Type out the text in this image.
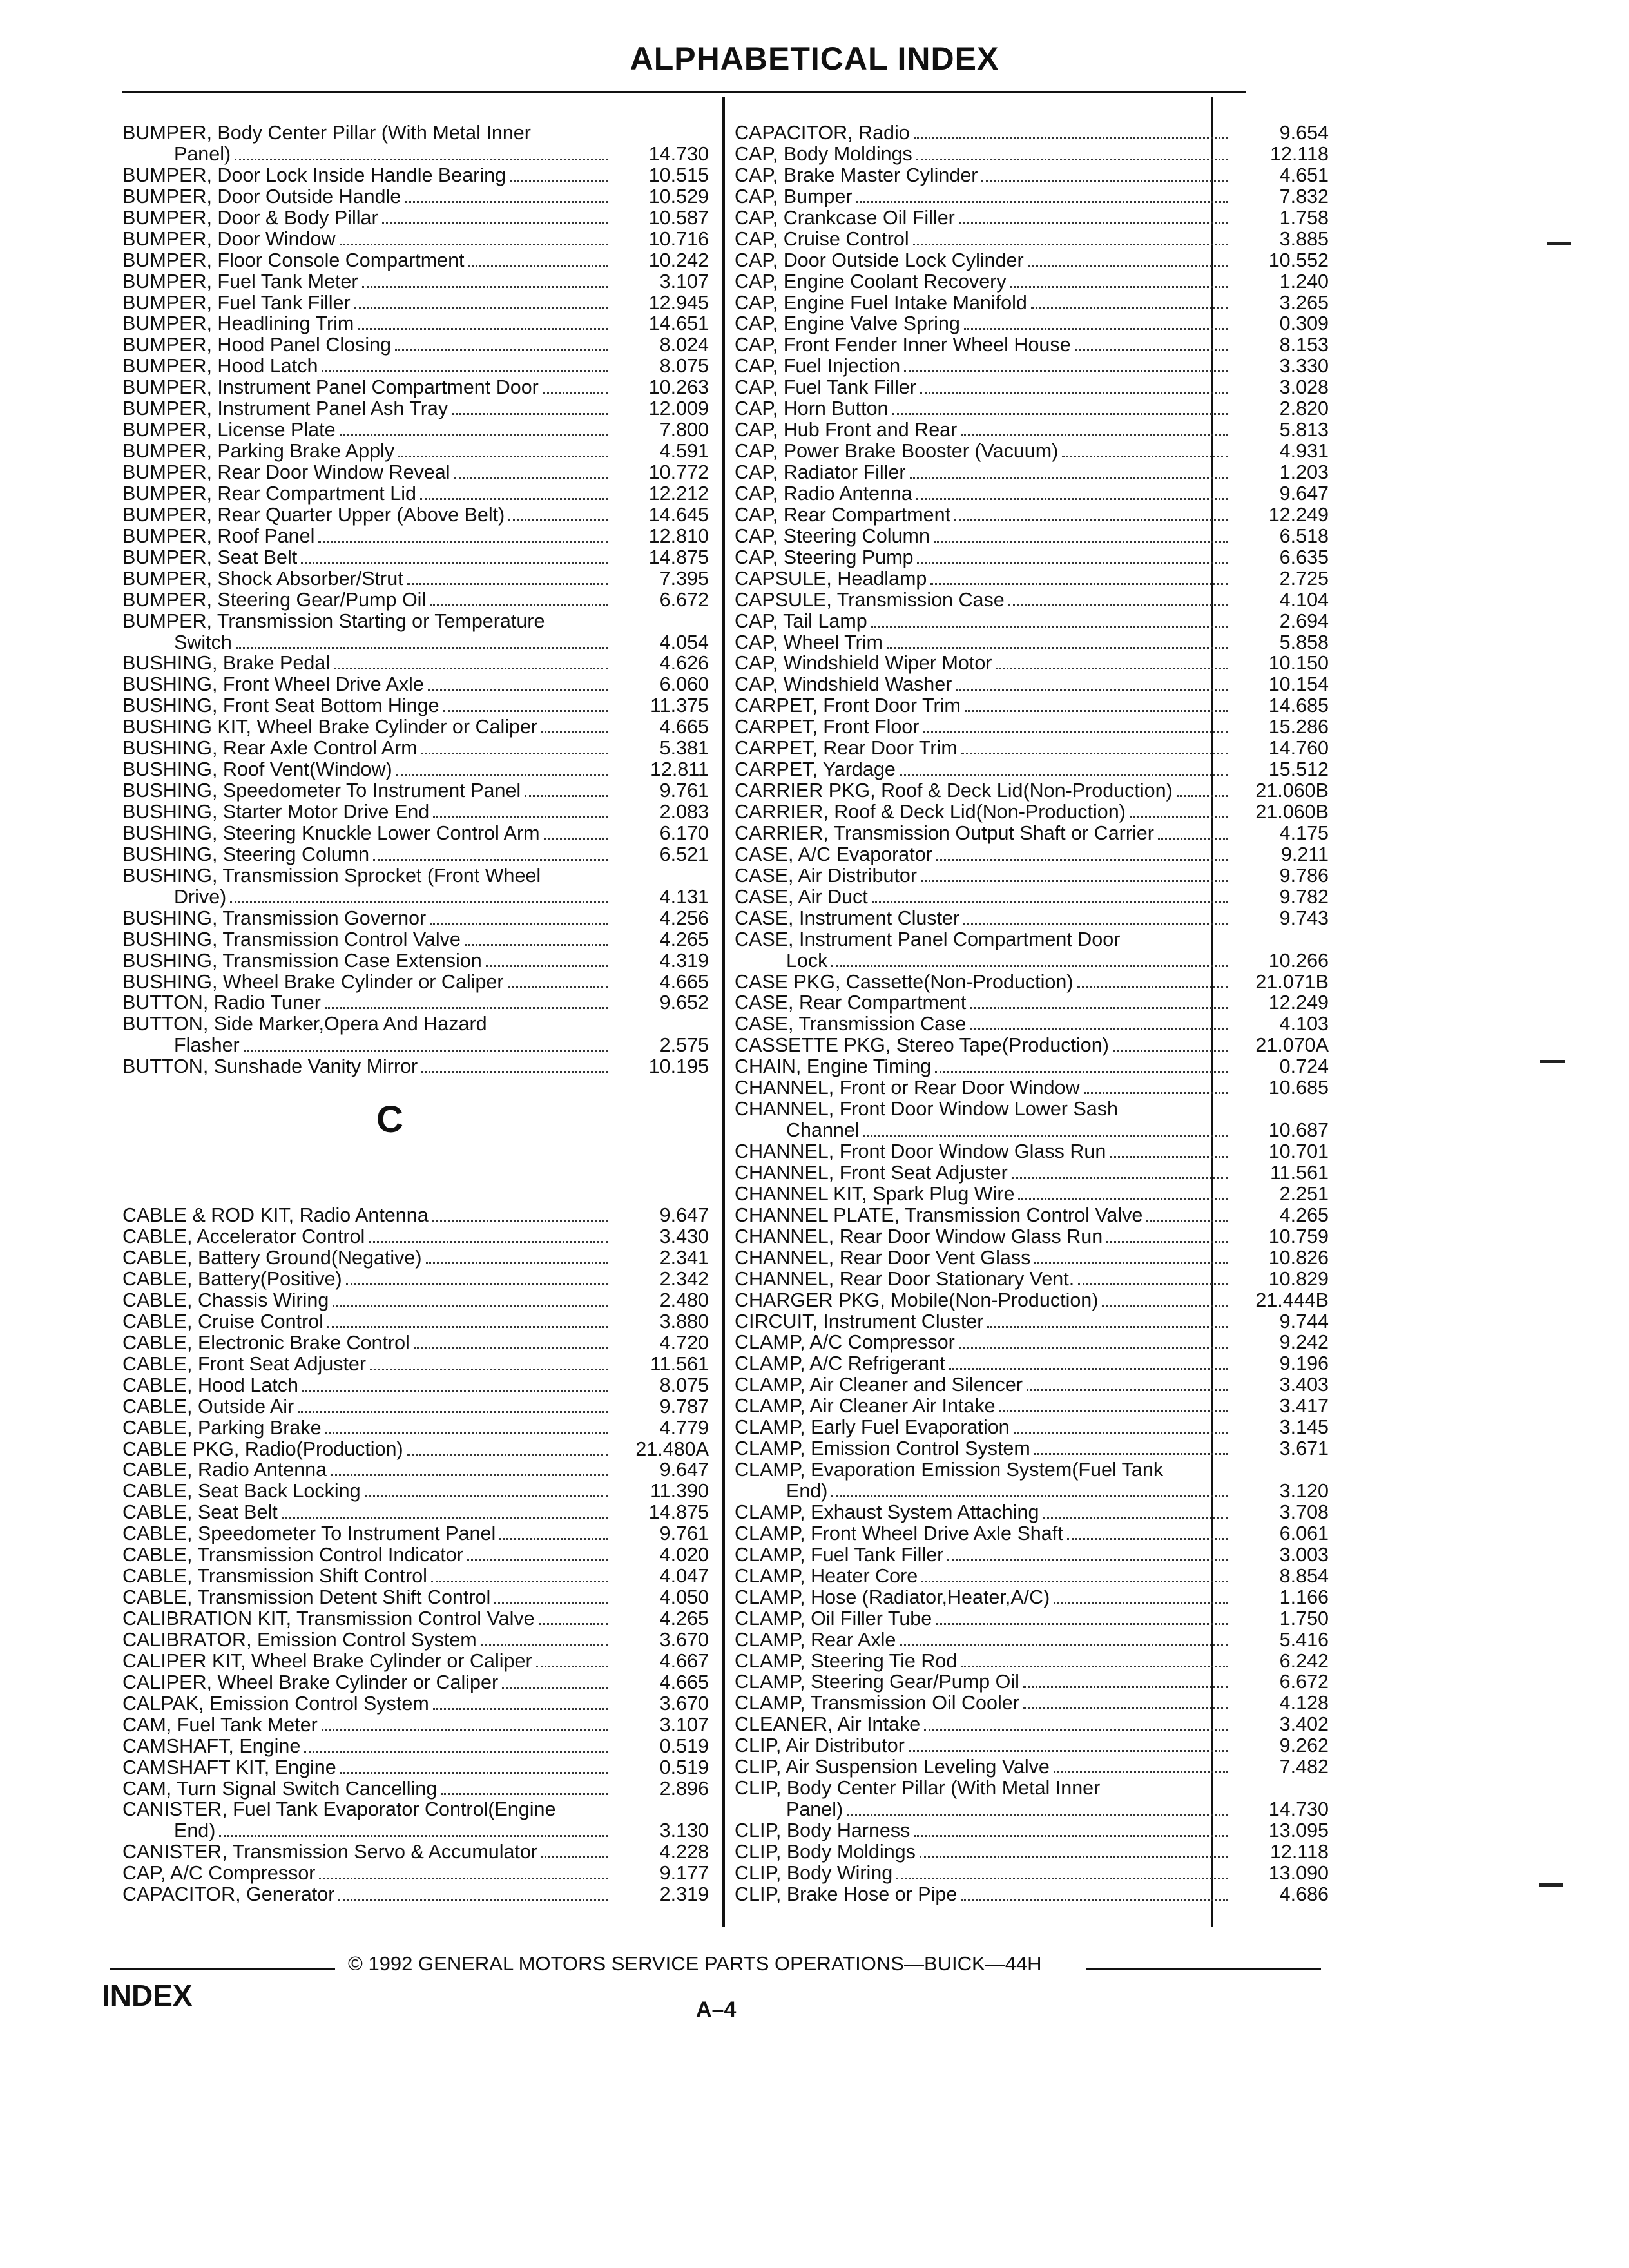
ALPHABETICAL INDEX
BUMPER, Body Center Pillar (With Metal Inner
Panel)	14.730
BUMPER, Door Lock Inside Handle Bearing	10.515
BUMPER, Door Outside Handle	10.529
BUMPER, Door & Body Pillar	10.587
BUMPER, Door Window	10.716
BUMPER, Floor Console Compartment	10.242
BUMPER, Fuel Tank Meter	3.107
BUMPER, Fuel Tank Filler	12.945
BUMPER, Headlining Trim	14.651
BUMPER, Hood Panel Closing	8.024
BUMPER, Hood Latch	8.075
BUMPER, Instrument Panel Compartment Door	10.263
BUMPER, Instrument Panel Ash Tray	12.009
BUMPER, License Plate	7.800
BUMPER, Parking Brake Apply	4.591
BUMPER, Rear Door Window Reveal	10.772
BUMPER, Rear Compartment Lid	12.212
BUMPER, Rear Quarter Upper (Above Belt)	14.645
BUMPER, Roof Panel	12.810
BUMPER, Seat Belt	14.875
BUMPER, Shock Absorber/Strut	7.395
BUMPER, Steering Gear/Pump Oil	6.672
BUMPER, Transmission Starting or Temperature
Switch	4.054
BUSHING, Brake Pedal	4.626
BUSHING, Front Wheel Drive Axle	6.060
BUSHING, Front Seat Bottom Hinge	11.375
BUSHING KIT, Wheel Brake Cylinder or Caliper	4.665
BUSHING, Rear Axle Control Arm	5.381
BUSHING, Roof Vent(Window)	12.811
BUSHING, Speedometer To Instrument Panel	9.761
BUSHING, Starter Motor Drive End	2.083
BUSHING, Steering Knuckle Lower Control Arm	6.170
BUSHING, Steering Column	6.521
BUSHING, Transmission Sprocket (Front Wheel
Drive)	4.131
BUSHING, Transmission Governor	4.256
BUSHING, Transmission Control Valve	4.265
BUSHING, Transmission Case Extension	4.319
BUSHING, Wheel Brake Cylinder or Caliper	4.665
BUTTON, Radio Tuner	9.652
BUTTON, Side Marker,Opera And Hazard
Flasher	2.575
BUTTON, Sunshade Vanity Mirror	10.195
C
CABLE & ROD KIT, Radio Antenna	9.647
CABLE, Accelerator Control	3.430
CABLE, Battery Ground(Negative)	2.341
CABLE, Battery(Positive)	2.342
CABLE, Chassis Wiring	2.480
CABLE, Cruise Control	3.880
CABLE, Electronic Brake Control	4.720
CABLE, Front Seat Adjuster	11.561
CABLE, Hood Latch	8.075
CABLE, Outside Air	9.787
CABLE, Parking Brake	4.779
CABLE PKG, Radio(Production)	21.480A
CABLE, Radio Antenna	9.647
CABLE, Seat Back Locking	11.390
CABLE, Seat Belt	14.875
CABLE, Speedometer To Instrument Panel	9.761
CABLE, Transmission Control Indicator	4.020
CABLE, Transmission Shift Control	4.047
CABLE, Transmission Detent Shift Control	4.050
CALIBRATION KIT, Transmission Control Valve	4.265
CALIBRATOR, Emission Control System	3.670
CALIPER KIT, Wheel Brake Cylinder or Caliper	4.667
CALIPER, Wheel Brake Cylinder or Caliper	4.665
CALPAK, Emission Control System	3.670
CAM, Fuel Tank Meter	3.107
CAMSHAFT, Engine	0.519
CAMSHAFT KIT, Engine	0.519
CAM, Turn Signal Switch Cancelling	2.896
CANISTER, Fuel Tank Evaporator Control(Engine
End)	3.130
CANISTER, Transmission Servo & Accumulator	4.228
CAP, A/C Compressor	9.177
CAPACITOR, Generator	2.319
CAPACITOR, Radio	9.654
CAP, Body Moldings	12.118
CAP, Brake Master Cylinder	4.651
CAP, Bumper	7.832
CAP, Crankcase Oil Filler	1.758
CAP, Cruise Control	3.885
CAP, Door Outside Lock Cylinder	10.552
CAP, Engine Coolant Recovery	1.240
CAP, Engine Fuel Intake Manifold	3.265
CAP, Engine Valve Spring	0.309
CAP, Front Fender Inner Wheel House	8.153
CAP, Fuel Injection	3.330
CAP, Fuel Tank Filler	3.028
CAP, Horn Button	2.820
CAP, Hub Front and Rear	5.813
CAP, Power Brake Booster (Vacuum)	4.931
CAP, Radiator Filler	1.203
CAP, Radio Antenna	9.647
CAP, Rear Compartment	12.249
CAP, Steering Column	6.518
CAP, Steering Pump	6.635
CAPSULE, Headlamp	2.725
CAPSULE, Transmission Case	4.104
CAP, Tail Lamp	2.694
CAP, Wheel Trim	5.858
CAP, Windshield Wiper Motor	10.150
CAP, Windshield Washer	10.154
CARPET, Front Door Trim	14.685
CARPET, Front Floor	15.286
CARPET, Rear Door Trim	14.760
CARPET, Yardage	15.512
CARRIER PKG, Roof & Deck Lid(Non-Production)	21.060B
CARRIER, Roof & Deck Lid(Non-Production)	21.060B
CARRIER, Transmission Output Shaft or Carrier	4.175
CASE, A/C Evaporator	9.211
CASE, Air Distributor	9.786
CASE, Air Duct	9.782
CASE, Instrument Cluster	9.743
CASE, Instrument Panel Compartment Door
Lock	10.266
CASE PKG, Cassette(Non-Production)	21.071B
CASE, Rear Compartment	12.249
CASE, Transmission Case	4.103
CASSETTE PKG, Stereo Tape(Production)	21.070A
CHAIN, Engine Timing	0.724
CHANNEL, Front or Rear Door Window	10.685
CHANNEL, Front Door Window Lower Sash
Channel	10.687
CHANNEL, Front Door Window Glass Run	10.701
CHANNEL, Front Seat Adjuster	11.561
CHANNEL KIT, Spark Plug Wire	2.251
CHANNEL PLATE, Transmission Control Valve	4.265
CHANNEL, Rear Door Window Glass Run	10.759
CHANNEL, Rear Door Vent Glass	10.826
CHANNEL, Rear Door Stationary Vent.	10.829
CHARGER PKG, Mobile(Non-Production)	21.444B
CIRCUIT, Instrument Cluster	9.744
CLAMP, A/C Compressor	9.242
CLAMP, A/C Refrigerant	9.196
CLAMP, Air Cleaner and Silencer	3.403
CLAMP, Air Cleaner Air Intake	3.417
CLAMP, Early Fuel Evaporation	3.145
CLAMP, Emission Control System	3.671
CLAMP, Evaporation Emission System(Fuel Tank
End)	3.120
CLAMP, Exhaust System Attaching	3.708
CLAMP, Front Wheel Drive Axle Shaft	6.061
CLAMP, Fuel Tank Filler	3.003
CLAMP, Heater Core	8.854
CLAMP, Hose (Radiator,Heater,A/C)	1.166
CLAMP, Oil Filler Tube	1.750
CLAMP, Rear Axle	5.416
CLAMP, Steering Tie Rod	6.242
CLAMP, Steering Gear/Pump Oil	6.672
CLAMP, Transmission Oil Cooler	4.128
CLEANER, Air Intake	3.402
CLIP, Air Distributor	9.262
CLIP, Air Suspension Leveling Valve	7.482
CLIP, Body Center Pillar (With Metal Inner
Panel)	14.730
CLIP, Body Harness	13.095
CLIP, Body Moldings	12.118
CLIP, Body Wiring	13.090
CLIP, Brake Hose or Pipe	4.686
© 1992 GENERAL MOTORS SERVICE PARTS OPERATIONS—BUICK—44H
INDEX	A–4
